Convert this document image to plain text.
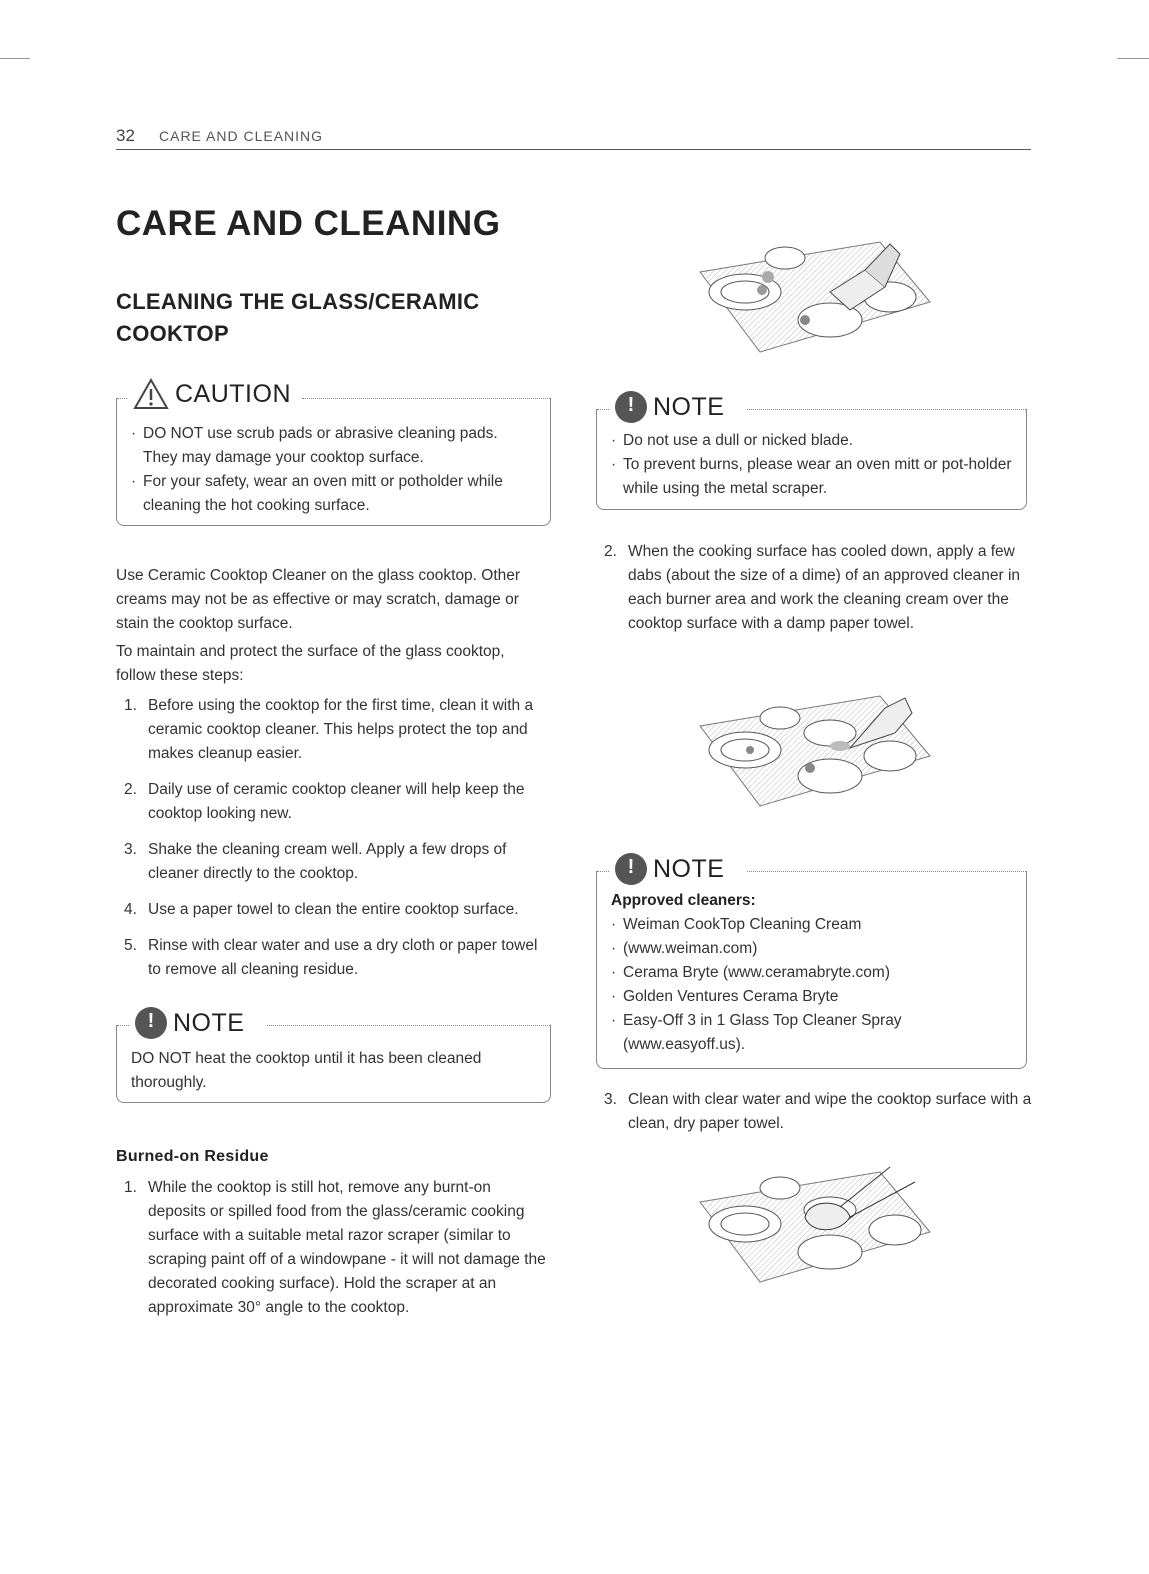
32 CARE AND CLEANING
CARE AND CLEANING
CLEANING THE GLASS/CERAMIC COOKTOP
CAUTION
· DO NOT use scrub pads or abrasive cleaning pads. They may damage your cooktop surface.
· For your safety, wear an oven mitt or potholder while cleaning the hot cooking surface.

Use Ceramic Cooktop Cleaner on the glass cooktop. Other creams may not be as effective or may scratch, damage or stain the cooktop surface.

To maintain and protect the surface of the glass cooktop, follow these steps:

1. Before using the cooktop for the first time, clean it with a ceramic cooktop cleaner. This helps protect the top and makes cleanup easier.
2. Daily use of ceramic cooktop cleaner will help keep the cooktop looking new.
3. Shake the cleaning cream well. Apply a few drops of cleaner directly to the cooktop.
4. Use a paper towel to clean the entire cooktop surface.
5. Rinse with clear water and use a dry cloth or paper towel to remove all cleaning residue.
!
NOTE

DO NOT heat the cooktop until it has been cleaned thoroughly.

Burned-on Residue
1. While the cooktop is still hot, remove any burnt-on deposits or spilled food from the glass/ceramic cooking surface with a suitable metal razor scraper (similar to scraping paint off of a windowpane - it will not damage the decorated cooking surface). Hold the scraper at an approximate 30° angle to the cooktop.
!
NOTE
· Do not use a dull or nicked blade.
· To prevent burns, please wear an oven mitt or pot-holder while using the metal scraper.
2. When the cooking surface has cooled down, apply a few dabs (about the size of a dime) of an approved cleaner in each burner area and work the cleaning cream over the cooktop surface with a damp paper towel.
!
NOTE

Approved cleaners:

· Weiman CookTop Cleaning Cream
· (www.weiman.com)
· Cerama Bryte (www.ceramabryte.com)
· Golden Ventures Cerama Bryte
· Easy-Off 3 in 1 Glass Top Cleaner Spray (www.easyoff.us).
3. Clean with clear water and wipe the cooktop surface with a clean, dry paper towel.
